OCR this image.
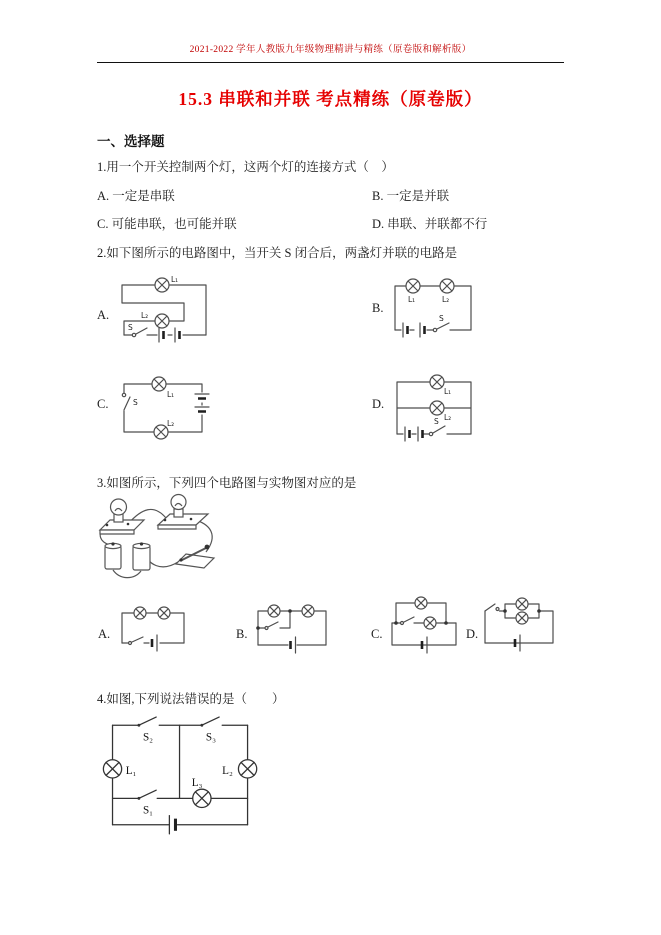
2021-2022 学年人教版九年级物理精讲与精练（原卷版和解析版）
15.3 串联和并联 考点精练（原卷版）
一、选择题
1.用一个开关控制两个灯，这两个灯的连接方式（　）
A. 一定是串联	B. 一定是并联
C. 可能串联，也可能并联	D. 串联、并联都不行
2.如下图所示的电路图中，当开关 S 闭合后，两盏灯并联的电路是
A.
L₁
L₂
S
B.
L₁	L₂
S
C.
L₁
L₂
S	D.
L₁
L₂
S
3.如图所示，下列四个电路图与实物图对应的是
A.	B.	C.	D.
4.如图,下列说法错误的是（　　）
S₂	S₃
L₁	L₂
L₃
S₁
